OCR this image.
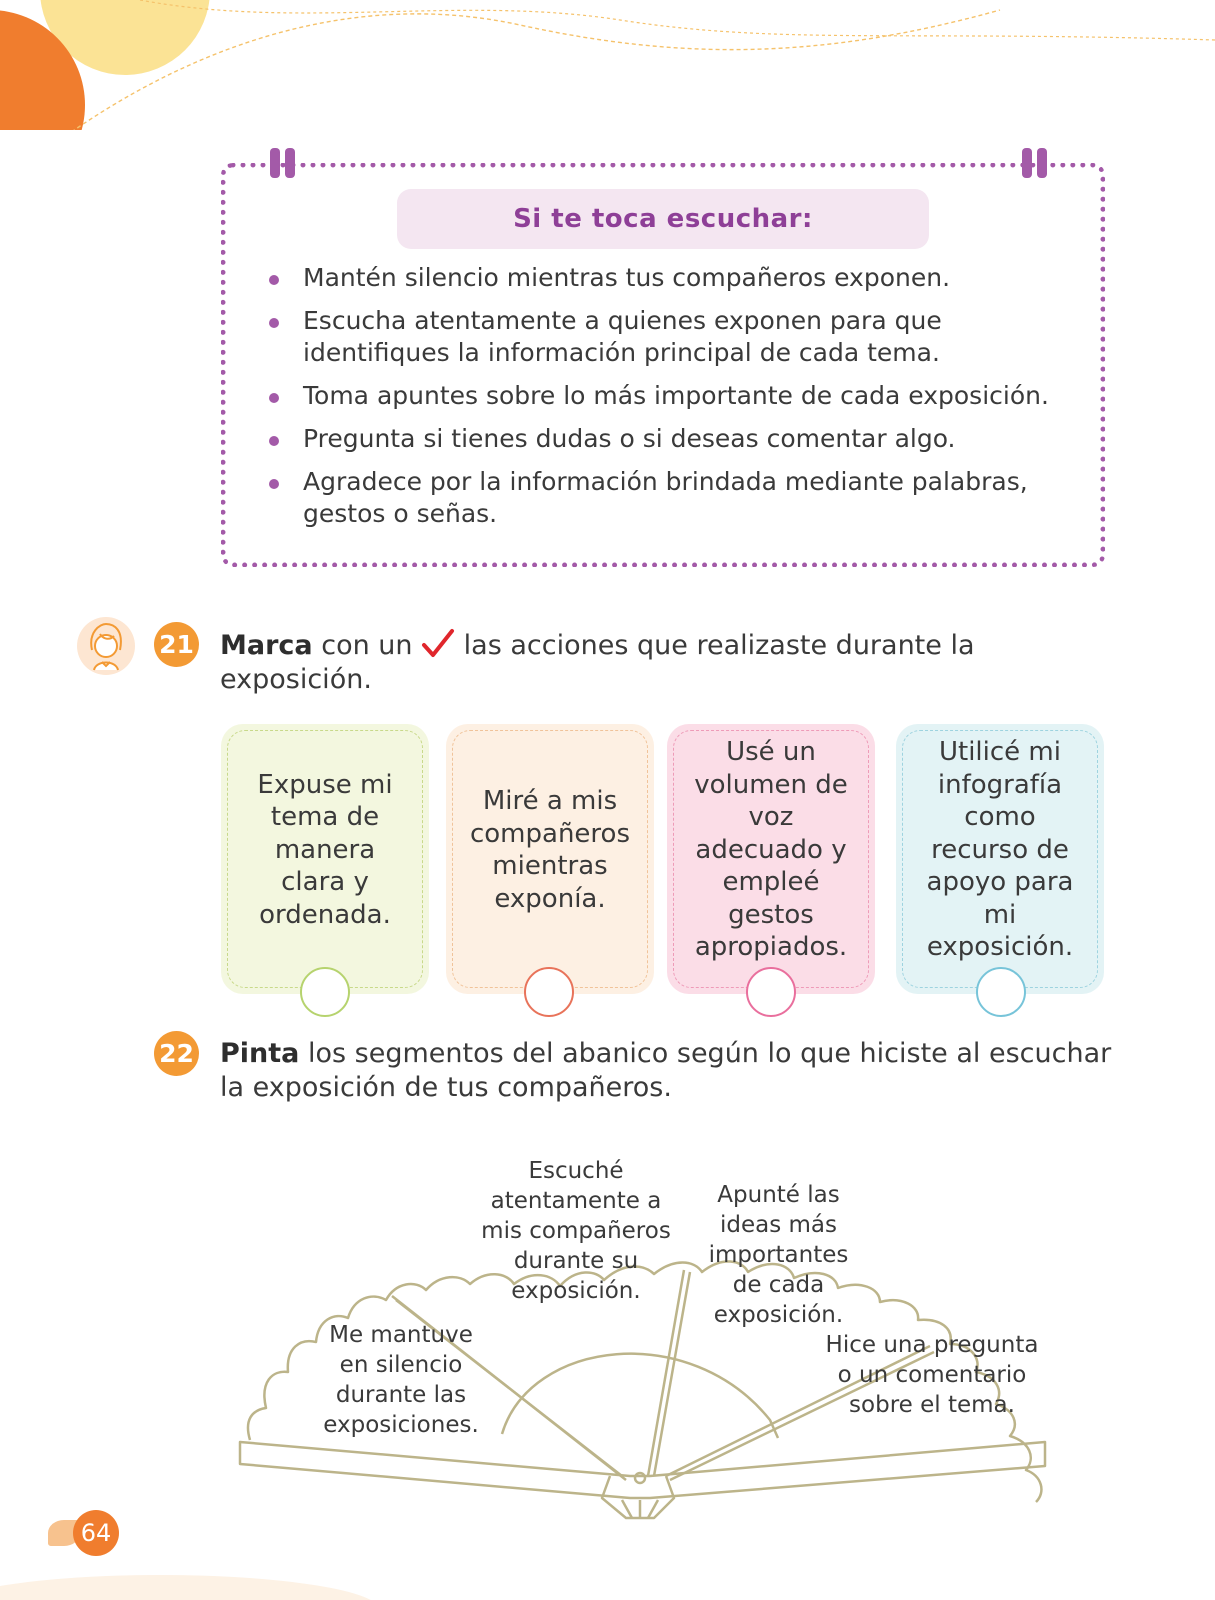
Si te toca escuchar:
Mantén silencio mientras tus compañeros exponen.
Escucha atentamente a quienes exponen para que identifiques la información principal de cada tema.
Toma apuntes sobre lo más importante de cada exposición.
Pregunta si tienes dudas o si deseas comentar algo.
Agradece por la información brindada mediante palabras, gestos o señas.
21 Marca con un  las acciones que realizaste durante la exposición.
Expuse mi tema de manera clara y ordenada.
Miré a mis compañeros mientras exponía.
Usé un volumen de voz adecuado y empleé gestos apropiados.
Utilicé mi infografía como recurso de apoyo para mi exposición.
22 Pinta los segmentos del abanico según lo que hiciste al escuchar la exposición de tus compañeros.
Me mantuve en silencio durante las exposiciones.
Escuché atentamente a mis compañeros durante su exposición.
Apunté las ideas más importantes de cada exposición.
Hice una pregunta o un comentario sobre el tema.
64
